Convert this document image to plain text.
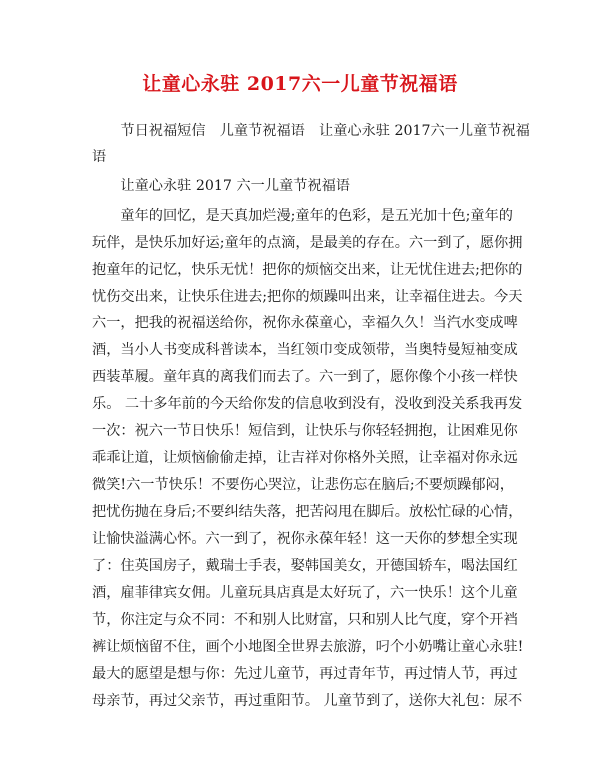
让童心永驻 2017六一儿童节祝福语
　　节日祝福短信　儿童节祝福语　让童心永驻 2017六一儿童节祝福
语
　　让童心永驻 2017 六一儿童节祝福语
　　童年的回忆，是天真加烂漫;童年的色彩，是五光加十色;童年的
玩伴，是快乐加好运;童年的点滴，是最美的存在。六一到了，愿你拥
抱童年的记忆，快乐无忧！把你的烦恼交出来，让无忧住进去;把你的
忧伤交出来，让快乐住进去;把你的烦躁叫出来，让幸福住进去。今天
六一，把我的祝福送给你，祝你永葆童心，幸福久久！当汽水变成啤
酒，当小人书变成科普读本，当红领巾变成领带，当奥特曼短袖变成
西装革履。童年真的离我们而去了。六一到了，愿你像个小孩一样快
乐。 二十多年前的今天给你发的信息收到没有，没收到没关系我再发
一次：祝六一节日快乐！短信到，让快乐与你轻轻拥抱，让困难见你
乖乖让道，让烦恼偷偷走掉，让吉祥对你格外关照，让幸福对你永远
微笑!六一节快乐！不要伤心哭泣，让悲伤忘在脑后;不要烦躁郁闷，
把忧伤抛在身后;不要纠结失落，把苦闷甩在脚后。放松忙碌的心情，
让愉快溢满心怀。六一到了，祝你永葆年轻！这一天你的梦想全实现
了：住英国房子，戴瑞士手表，娶韩国美女，开德国轿车，喝法国红
酒，雇菲律宾女佣。儿童玩具店真是太好玩了，六一快乐！这个儿童
节，你注定与众不同：不和别人比财富，只和别人比气度，穿个开裆
裤让烦恼留不住，画个小地图全世界去旅游，叼个小奶嘴让童心永驻!
最大的愿望是想与你：先过儿童节，再过青年节，再过情人节，再过
母亲节，再过父亲节，再过重阳节。 儿童节到了，送你大礼包：尿不
